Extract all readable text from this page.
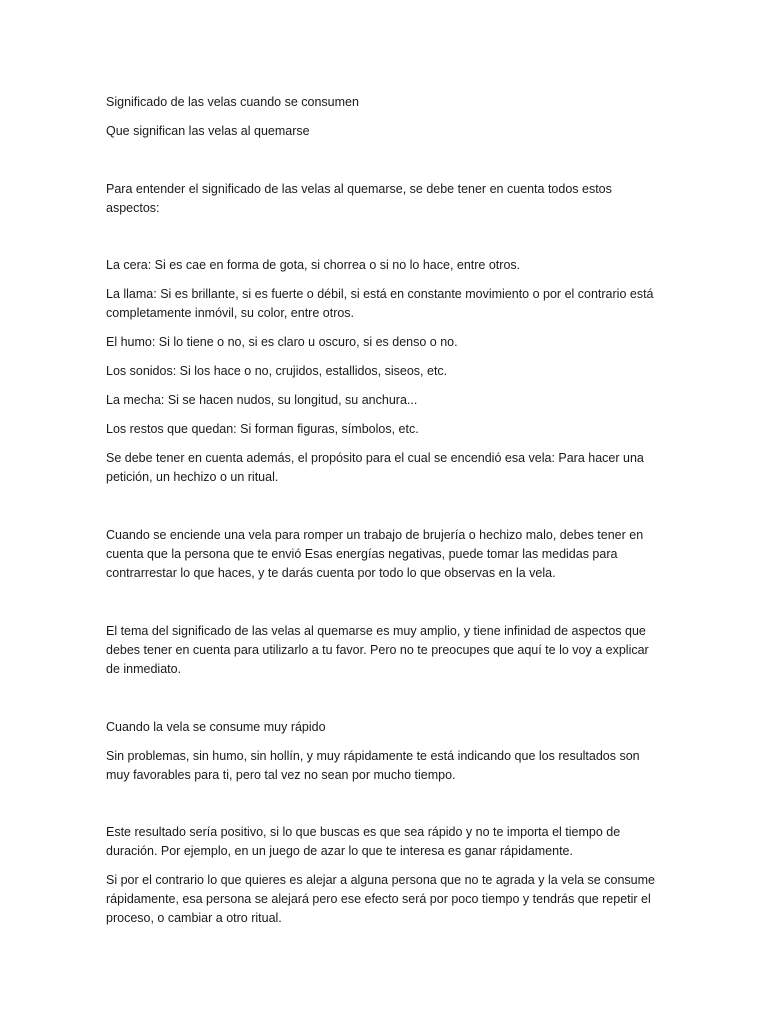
Significado de las velas cuando se consumen

Que significan las velas al quemarse

Para entender el significado de las velas al quemarse, se debe tener en cuenta todos estos aspectos:

La cera: Si es cae en forma de gota, si chorrea o si no lo hace, entre otros.

La llama: Si es brillante, si es fuerte o débil, si está en constante movimiento o por el contrario está completamente inmóvil, su color, entre otros.

El humo: Si lo tiene o no, si es claro u oscuro, si es denso o no.

Los sonidos: Si los hace o no, crujidos, estallidos, siseos, etc.

La mecha: Si se hacen nudos, su longitud, su anchura...

Los restos que quedan: Si forman figuras, símbolos, etc.

Se debe tener en cuenta además, el propósito para el cual se encendió esa vela: Para hacer una petición, un hechizo o un ritual.

Cuando se enciende una vela para romper un trabajo de brujería o hechizo malo, debes tener en cuenta que la persona que te envió Esas energías negativas, puede tomar las medidas para contrarrestar lo que haces, y te darás cuenta por todo lo que observas en la vela.

El tema del significado de las velas al quemarse es muy amplio, y tiene infinidad de aspectos que debes tener en cuenta para utilizarlo a tu favor. Pero no te preocupes que aquí te lo voy a explicar de inmediato.

Cuando la vela se consume muy rápido

Sin problemas, sin humo, sin hollín, y muy rápidamente te está indicando que los resultados son muy favorables para ti, pero tal vez no sean por mucho tiempo.

Este resultado sería positivo, si lo que buscas es que sea rápido y no te importa el tiempo de duración. Por ejemplo, en un juego de azar lo que te interesa es ganar rápidamente.

Si por el contrario lo que quieres es alejar a alguna persona que no te agrada y la vela se consume rápidamente, esa persona se alejará pero ese efecto será por poco tiempo y tendrás que repetir el proceso, o cambiar a otro ritual.
